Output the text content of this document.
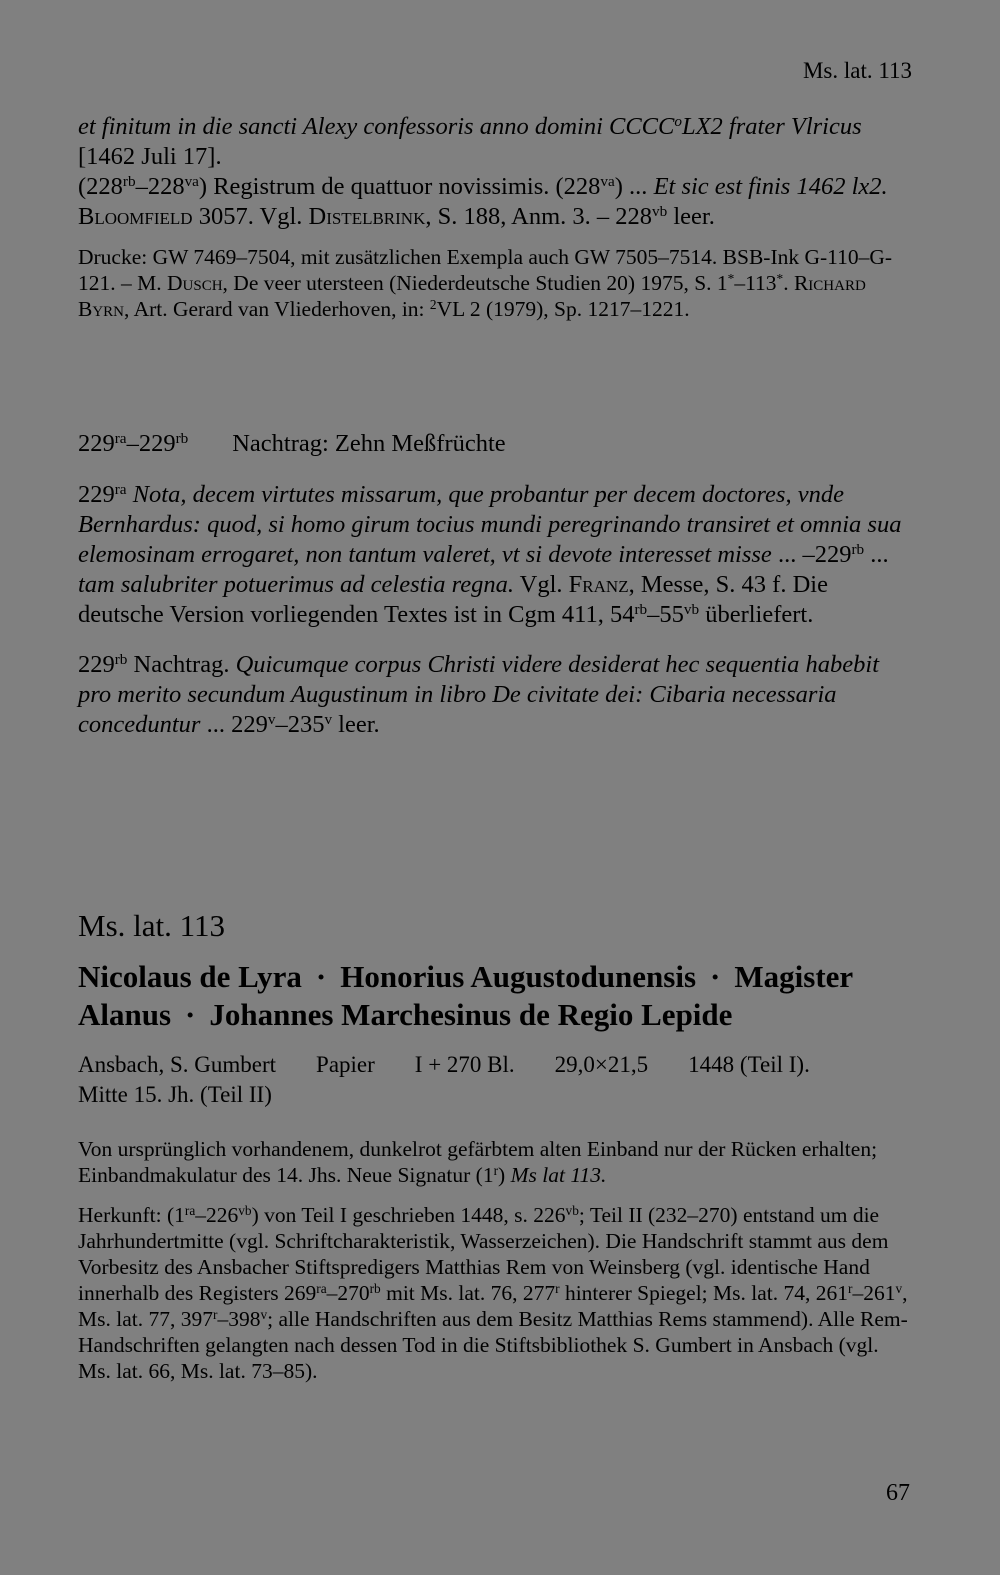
Ms. lat. 113

et finitum in die sancti Alexy confessoris anno domini CCCC$^o$LX2 frater Vlricus [1462 Juli 17].

$(228^{rb}-228^{va})$ Registrum de quattuor novissimis. $(228^{va})$ ... Et sic est finis 1462 lx2. Bloomfield 3057. Vgl. Distelbrink, S. 188, Anm. 3. – $228^{vb}$ leer.

Drucke: GW 7469–7504, mit zusätzlichen Exempla auch GW 7505–7514. BSB-Ink G-110–G-121. – M. Dusch, De veer utersteen (Niederdeutsche Studien 20) 1975, S. 1*–113*. Richard Byrn, Art. Gerard van Vliederhoven, in: $^2$VL 2 (1979), Sp. 1217–1221.

$229^{ra}-229^{rb}$ Nachtrag: Zehn Meßfrüchte

$229^{ra}$ Nota, decem virtutes missarum, que probantur per decem doctores, vnde Bernhardus: quod, si homo girum tocius mundi peregrinando transiret et omnia sua elemosinam errogaret, non tantum valeret, vt si devote interesset misse ... $-229^{rb}$ ... tam salubriter potuerimus ad celestia regna. Vgl. Franz, Messe, S. 43 f. Die deutsche Version vorliegenden Textes ist in Cgm 411, $54^{rb}-55^{vb}$ überliefert.

$229^{rb}$ Nachtrag. Quicumque corpus Christi videre desiderat hec sequentia habebit pro merito secundum Augustinum in libro De civitate dei: Cibaria necessaria conceduntur ... 229$^v$–235$^v$ leer.

Ms. lat. 113
Nicolaus de Lyra · Honorius Augustodunensis · Magister Alanus · Johannes Marchesinus de Regio Lepide
Ansbach, S. Gumbert Papier I + 270 Bl. 29,0×21,5 1448 (Teil I).
Mitte 15. Jh. (Teil II)

Von ursprünglich vorhandenem, dunkelrot gefärbtem alten Einband nur der Rücken erhalten; Einbandmakulatur des 14. Jhs. Neue Signatur (1$^r$) Ms lat 113.

Herkunft: $(1^{ra}-226^{vb})$ von Teil I geschrieben 1448, s. $226^{vb}$; Teil II (232–270) entstand um die Jahrhundertmitte (vgl. Schriftcharakteristik, Wasserzeichen). Die Handschrift stammt aus dem Vorbesitz des Ansbacher Stiftspredigers Matthias Rem von Weinsberg (vgl. identische Hand innerhalb des Registers $269^{ra}-270^{rb}$ mit Ms. lat. 76, 277$^r$ hinterer Spiegel; Ms. lat. 74, 261$^r$–261$^v$, Ms. lat. 77, 397$^r$–398$^v$; alle Handschriften aus dem Besitz Matthias Rems stammend). Alle Rem-Handschriften gelangten nach dessen Tod in die Stiftsbibliothek S. Gumbert in Ansbach (vgl. Ms. lat. 66, Ms. lat. 73–85).

67
